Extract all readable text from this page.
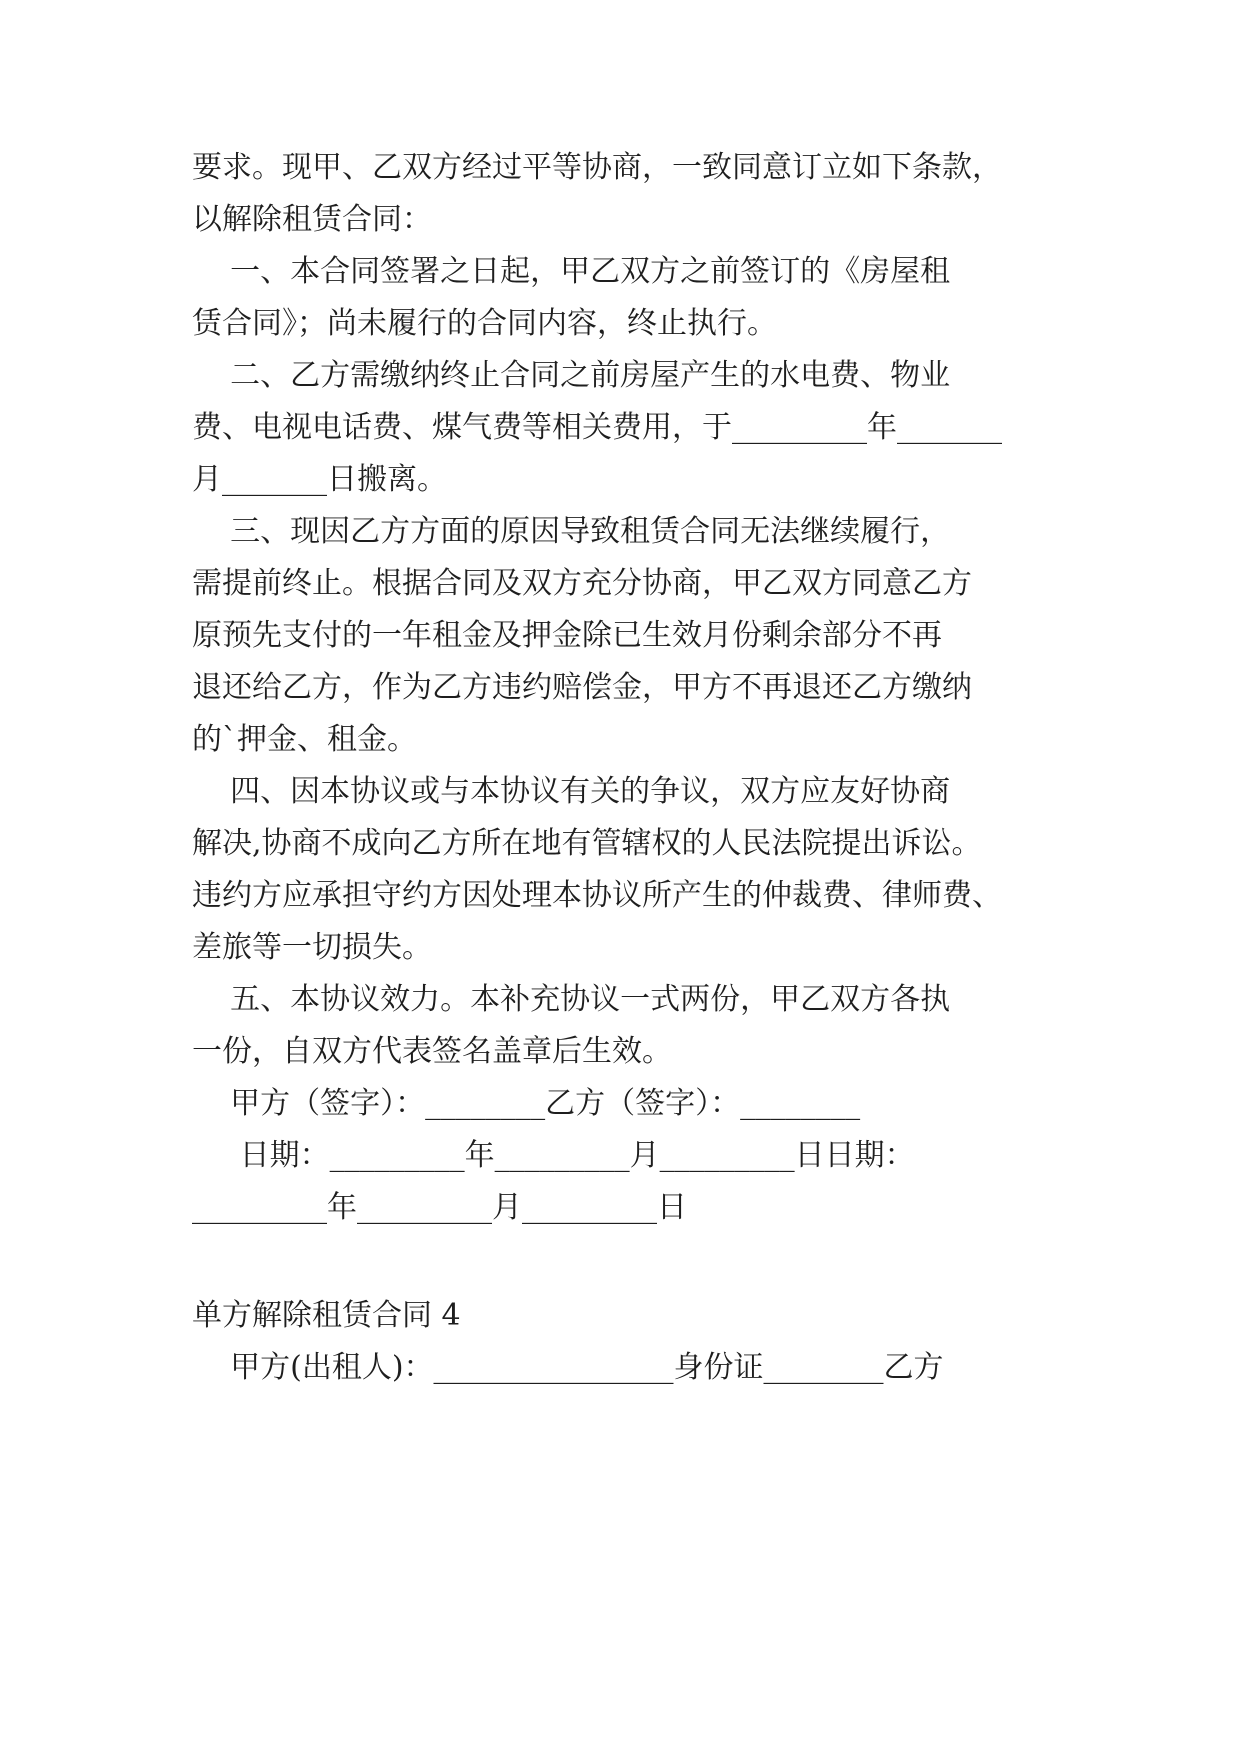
要求。现甲、乙双方经过平等协商，一致同意订立如下条款，
以解除租赁合同：
一、本合同签署之日起，甲乙双方之前签订的《房屋租
赁合同》；尚未履行的合同内容，终止执行。
二、乙方需缴纳终止合同之前房屋产生的水电费、物业
费、电视电话费、煤气费等相关费用，于_________年_______
月_______日搬离。
三、现因乙方方面的原因导致租赁合同无法继续履行，
需提前终止。根据合同及双方充分协商，甲乙双方同意乙方
原预先支付的一年租金及押金除已生效月份剩余部分不再
退还给乙方，作为乙方违约赔偿金，甲方不再退还乙方缴纳
的`押金、租金。
四、因本协议或与本协议有关的争议，双方应友好协商
解决,协商不成向乙方所在地有管辖权的人民法院提出诉讼。
违约方应承担守约方因处理本协议所产生的仲裁费、律师费、
差旅等一切损失。
五、本协议效力。本补充协议一式两份，甲乙双方各执
一份，自双方代表签名盖章后生效。
甲方（签字）：________乙方（签字）：________
日期：_________年_________月_________日日期：
_________年_________月_________日
单方解除租赁合同 4
甲方(出租人)：________________身份证________乙方
